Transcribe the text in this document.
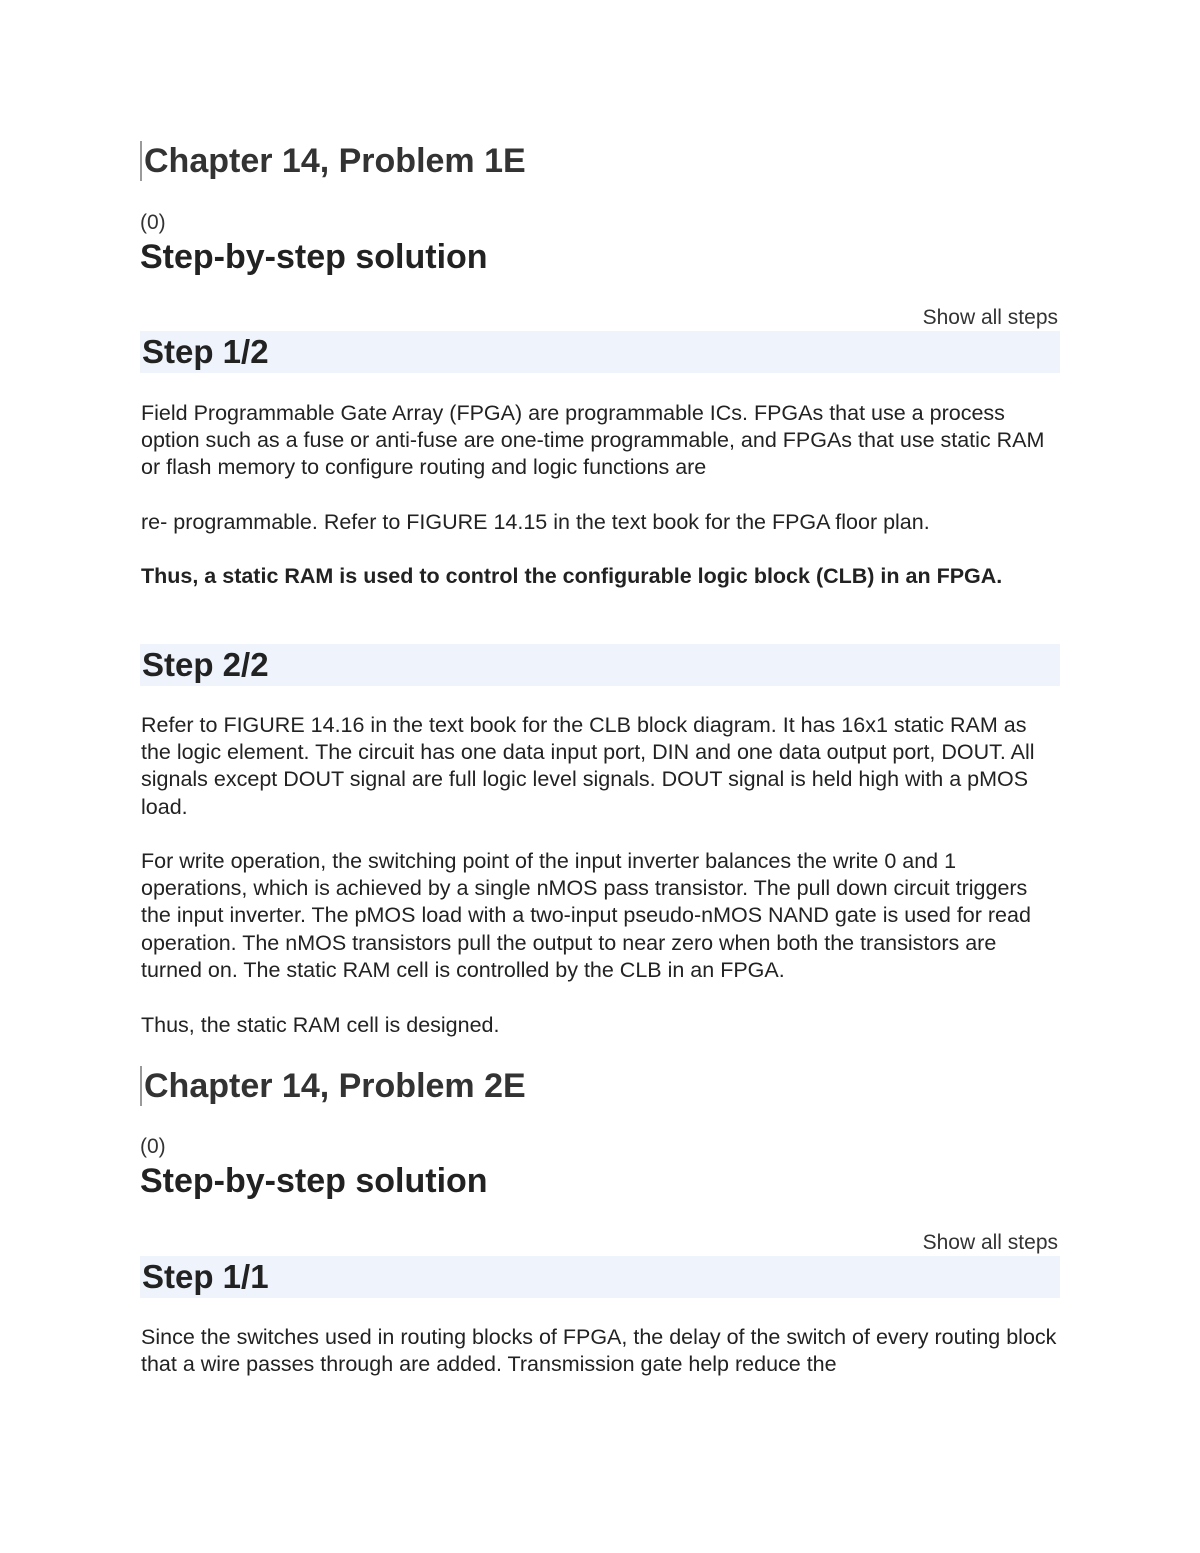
Chapter 14, Problem 1E
(0)
Step-by-step solution
Show all steps
Step 1/2

Field Programmable Gate Array (FPGA) are programmable ICs. FPGAs that use a process option such as a fuse or anti-fuse are one-time programmable, and FPGAs that use static RAM or flash memory to configure routing and logic functions are

re- programmable. Refer to FIGURE 14.15 in the text book for the FPGA floor plan.

Thus, a static RAM is used to control the configurable logic block (CLB) in an FPGA.

Step 2/2

Refer to FIGURE 14.16 in the text book for the CLB block diagram. It has 16x1 static RAM as the logic element. The circuit has one data input port, DIN and one data output port, DOUT. All signals except DOUT signal are full logic level signals. DOUT signal is held high with a pMOS load.

For write operation, the switching point of the input inverter balances the write 0 and 1 operations, which is achieved by a single nMOS pass transistor. The pull down circuit triggers the input inverter. The pMOS load with a two-input pseudo-nMOS NAND gate is used for read operation. The nMOS transistors pull the output to near zero when both the transistors are turned on. The static RAM cell is controlled by the CLB in an FPGA.

Thus, the static RAM cell is designed.

Chapter 14, Problem 2E
(0)
Step-by-step solution
Show all steps
Step 1/1

Since the switches used in routing blocks of FPGA, the delay of the switch of every routing block that a wire passes through are added. Transmission gate help reduce the
